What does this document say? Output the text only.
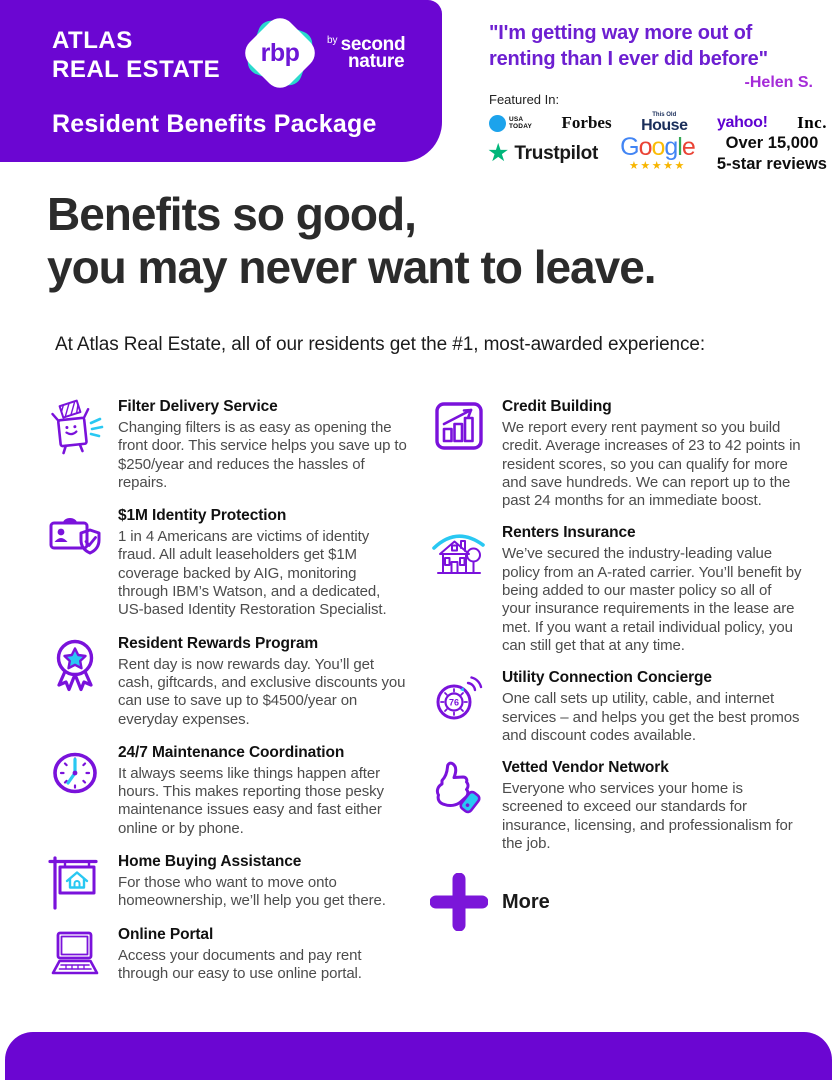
ATLAS
REAL ESTATE
rbp	by second
nature
Resident Benefits Package
"I'm getting way more out of
renting than I ever did before"
-Helen S.
Featured In:
USA
TODAY Forbes	This Old
House yahoo! Inc.
★ Trustpilot Google
★★★★★
Over 15,000
5-star reviews
Benefits so good,
you may never want to leave.

At Atlas Real Estate, all of our residents get the #1, most-awarded experience:

Filter Delivery Service
Changing filters is as easy as opening the front door. This service helps you save up to $250/year and reduces the hassles of repairs.
$1M Identity Protection
1 in 4 Americans are victims of identity fraud. All adult leaseholders get $1M coverage backed by AIG, monitoring through IBM’s Watson, and a dedicated, US-based Identity Restoration Specialist.
Resident Rewards Program
Rent day is now rewards day. You’ll get cash, giftcards, and exclusive discounts you can use to save up to $4500/year on everyday expenses.
24/7 Maintenance Coordination
It always seems like things happen after hours. This makes reporting those pesky maintenance issues easy and fast either online or by phone.
Home Buying Assistance
For those who want to move onto homeownership, we’ll help you get there.
Online Portal
Access your documents and pay rent through our easy to use online portal.
Credit Building
We report every rent payment so you build credit. Average increases of 23 to 42 points in resident scores, so you can qualify for more and save hundreds. We can report up to the past 24 months for an immediate boost.
Renters Insurance
We’ve secured the industry-leading value policy from an A-rated carrier. You’ll benefit by being added to our master policy so all of your insurance requirements in the lease are met. If you want a retail individual policy, you can still get that at any time.
76
Utility Connection Concierge
One call sets up utility, cable, and internet services – and helps you get the best promos and discount codes available.
Vetted Vendor Network
Everyone who services your home is screened to exceed our standards for insurance, licensing, and professionalism for the job.
More
